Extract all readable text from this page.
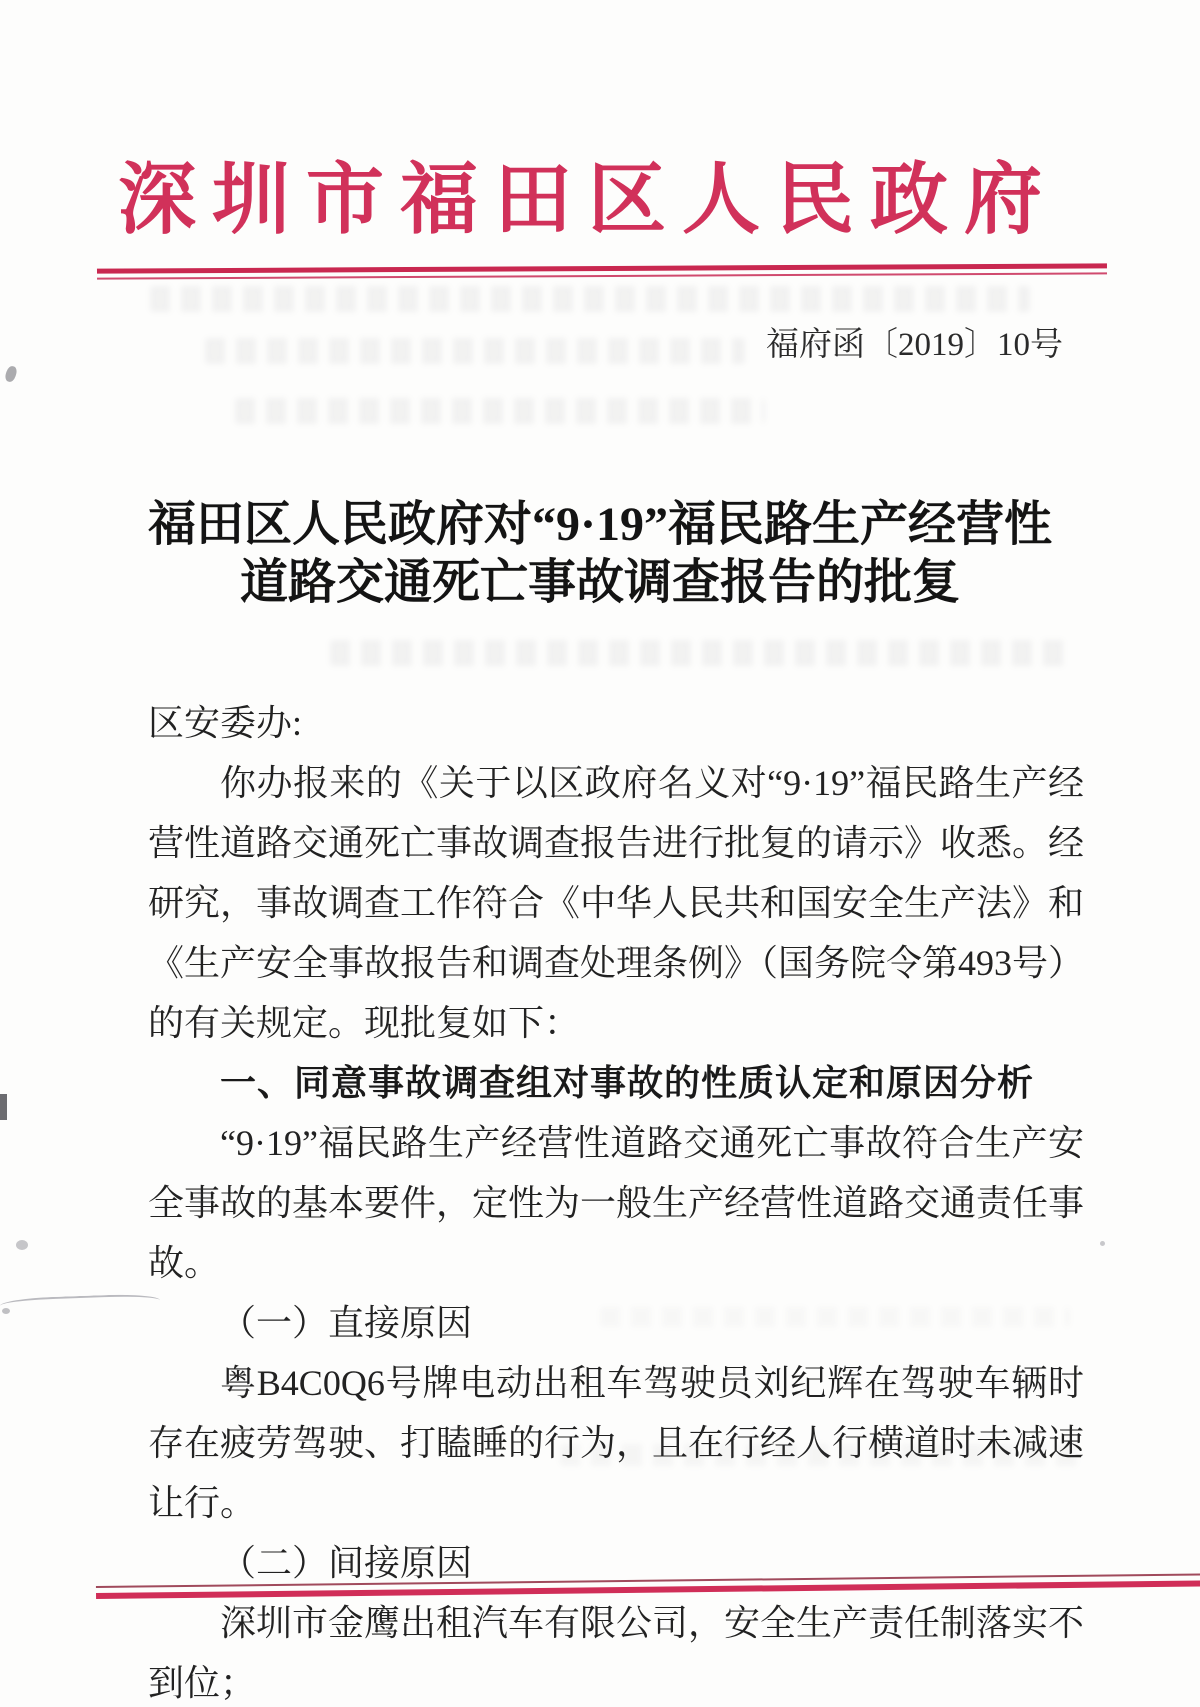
深圳市福田区人民政府
福府函〔2019〕10号
福田区人民政府对“9·19”福民路生产经营性
道路交通死亡事故调查报告的批复

区安委办:

你办报来的《关于以区政府名义对“9·19”福民路生产经营性道路交通死亡事故调查报告进行批复的请示》收悉。经研究，事故调查工作符合《中华人民共和国安全生产法》和《生产安全事故报告和调查处理条例》（国务院令第493号）的有关规定。现批复如下：

一、同意事故调查组对事故的性质认定和原因分析

“9·19”福民路生产经营性道路交通死亡事故符合生产安全事故的基本要件，定性为一般生产经营性道路交通责任事故。

（一）直接原因

粤B4C0Q6号牌电动出租车驾驶员刘纪辉在驾驶车辆时存在疲劳驾驶、打瞌睡的行为，且在行经人行横道时未减速让行。

（二）间接原因

深圳市金鹰出租汽车有限公司，安全生产责任制落实不到位；
